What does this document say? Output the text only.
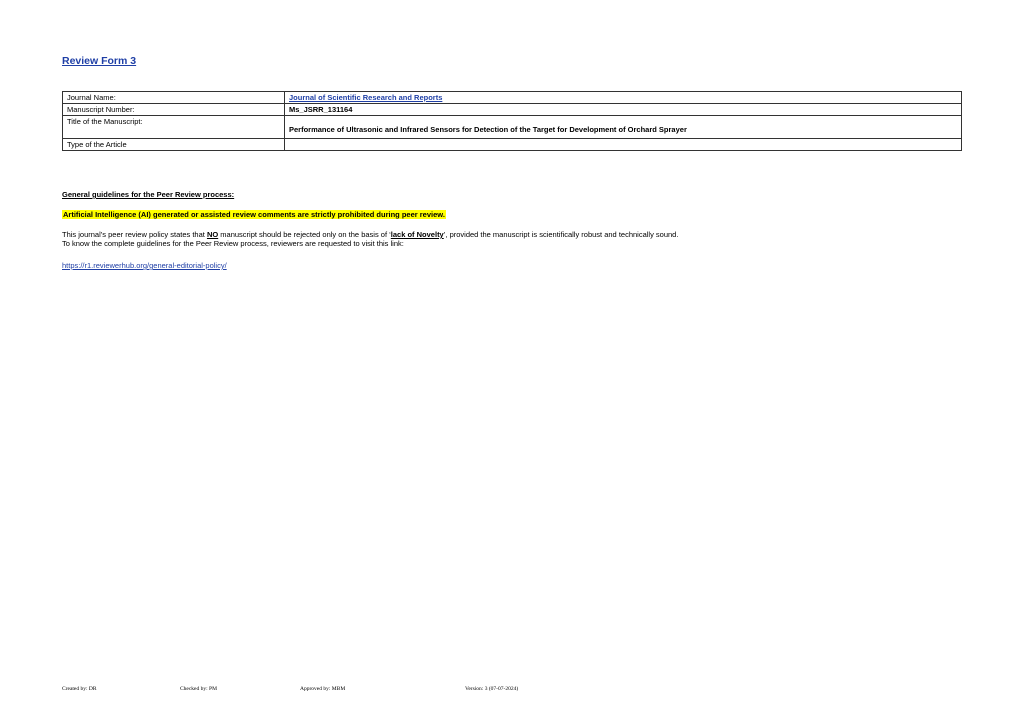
Review Form 3
Journal Name:	Journal of Scientific Research and Reports
Manuscript Number:	Ms_JSRR_131164
Title of the Manuscript:	Performance of Ultrasonic and Infrared Sensors for Detection of the Target for Development of Orchard Sprayer
Type of the Article	
General guidelines for the Peer Review process:
Artificial Intelligence (AI) generated or assisted review comments are strictly prohibited during peer review.
This journal’s peer review policy states that NO manuscript should be rejected only on the basis of ‘lack of Novelty’, provided the manuscript is scientifically robust and technically sound.
To know the complete guidelines for the Peer Review process, reviewers are requested to visit this link:
https://r1.reviewerhub.org/general-editorial-policy/
Created by: DR	Checked by: PM	Approved by: MBM	Version: 3 (07-07-2024)
